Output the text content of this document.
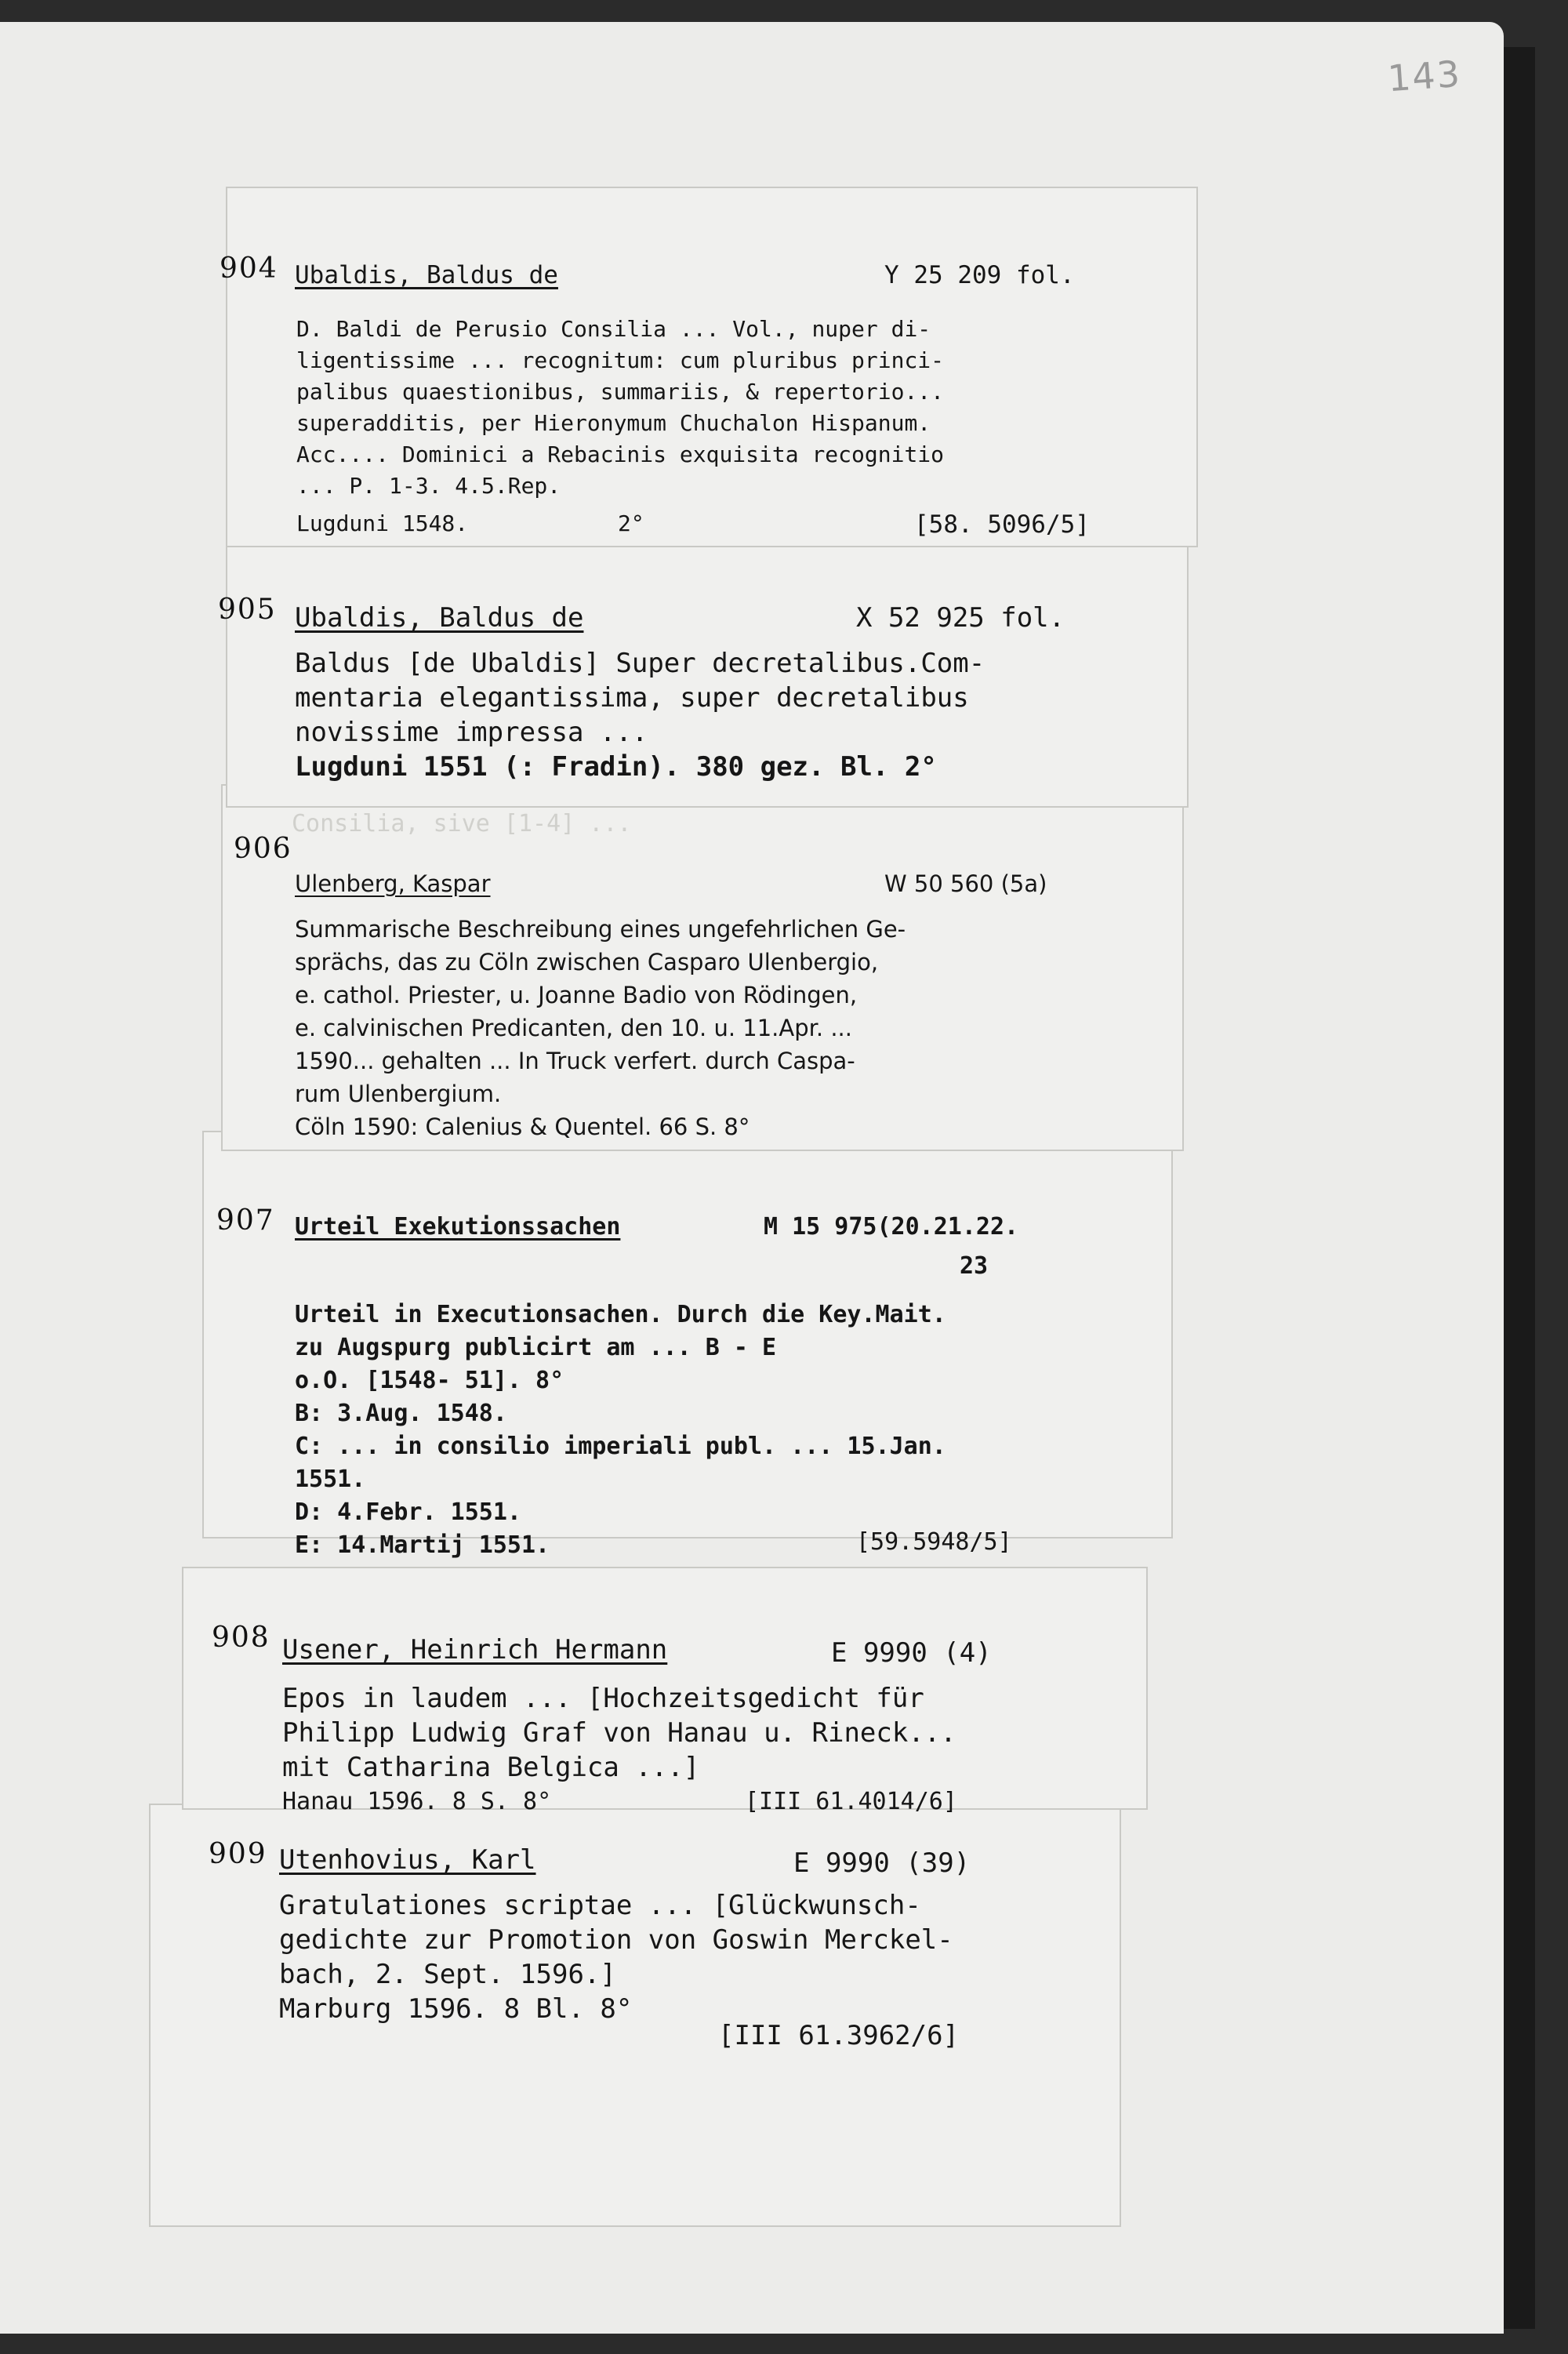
143
Consilia, sive [1-4] ...
904 Ubaldis, Baldus de	Y 25 209 fol.
D. Baldi de Perusio Consilia ... Vol., nuper di-
ligentissime ... recognitum: cum pluribus princi-
palibus quaestionibus, summariis, & repertorio...
superadditis, per Hieronymum Chuchalon Hispanum.
Acc.... Dominici a Rebacinis exquisita recognitio
... P. 1-3. 4.5.Rep.
Lugduni 1548.	2°	[58. 5096/5]
905 Ubaldis, Baldus de	X 52 925 fol.
Baldus [de Ubaldis] Super decretalibus.Com-
mentaria elegantissima, super decretalibus
novissime impressa ...
Lugduni 1551 (: Fradin). 380 gez. Bl. 2°
906
Ulenberg, Kaspar	W 50 560 (5a)
Summarische Beschreibung eines ungefehrlichen Ge-
sprächs, das zu Cöln zwischen Casparo Ulenbergio,
e. cathol. Priester, u. Joanne Badio von Rödingen,
e. calvinischen Predicanten, den 10. u. 11.Apr. ...
1590... gehalten ... In Truck verfert. durch Caspa-
rum Ulenbergium.
Cöln 1590: Calenius & Quentel. 66 S. 8°
907 Urteil Exekutionssachen	M 15 975(20.21.22.
23
Urteil in Executionsachen. Durch die Key.Mait.
zu Augspurg publicirt am ... B - E
o.O. [1548- 51]. 8°
B: 3.Aug. 1548.
C: ... in consilio imperiali publ. ... 15.Jan.
1551.
D: 4.Febr. 1551.
E: 14.Martij 1551.	[59.5948/5]
908 Usener, Heinrich Hermann	E 9990 (4)
Epos in laudem ... [Hochzeitsgedicht für
Philipp Ludwig Graf von Hanau u. Rineck...
mit Catharina Belgica ...]
Hanau 1596. 8 S. 8°	[III 61.4014/6]
909 Utenhovius, Karl	E 9990 (39)
Gratulationes scriptae ... [Glückwunsch-
gedichte zur Promotion von Goswin Merckel-
bach, 2. Sept. 1596.]
Marburg 1596. 8 Bl. 8°
[III 61.3962/6]
